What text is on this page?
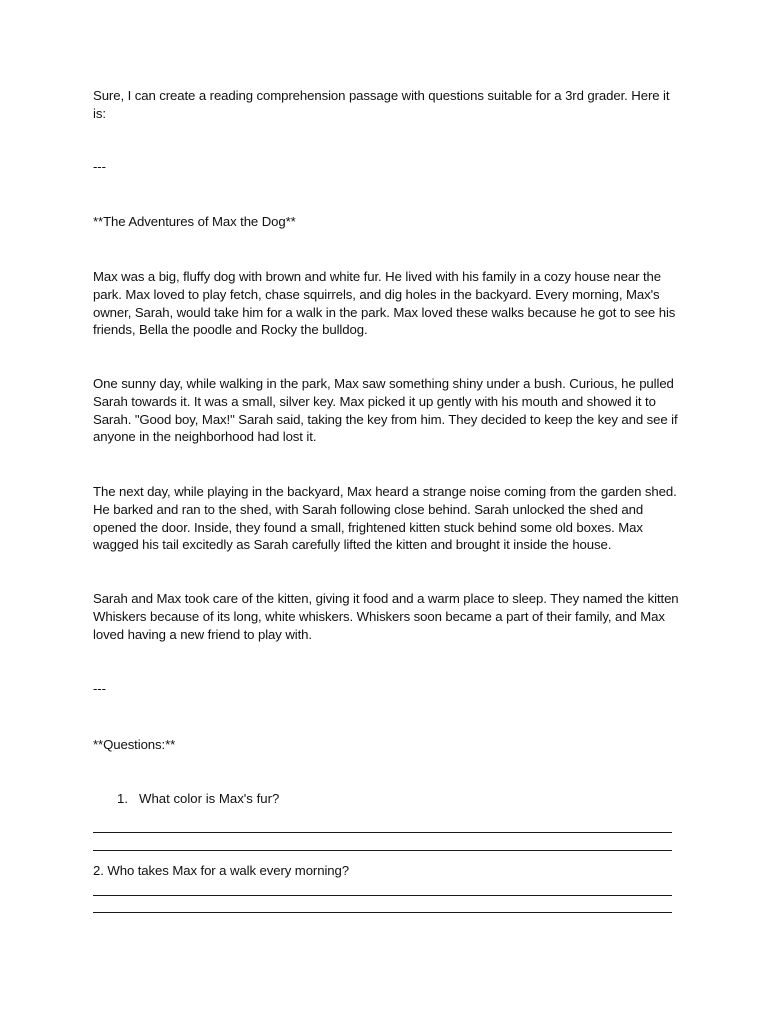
Sure, I can create a reading comprehension passage with questions suitable for a 3rd grader. Here it is:

---

**The Adventures of Max the Dog**

Max was a big, fluffy dog with brown and white fur. He lived with his family in a cozy house near the park. Max loved to play fetch, chase squirrels, and dig holes in the backyard. Every morning, Max's owner, Sarah, would take him for a walk in the park. Max loved these walks because he got to see his friends, Bella the poodle and Rocky the bulldog.

One sunny day, while walking in the park, Max saw something shiny under a bush. Curious, he pulled Sarah towards it. It was a small, silver key. Max picked it up gently with his mouth and showed it to Sarah. "Good boy, Max!" Sarah said, taking the key from him. They decided to keep the key and see if anyone in the neighborhood had lost it.

The next day, while playing in the backyard, Max heard a strange noise coming from the garden shed. He barked and ran to the shed, with Sarah following close behind. Sarah unlocked the shed and opened the door. Inside, they found a small, frightened kitten stuck behind some old boxes. Max wagged his tail excitedly as Sarah carefully lifted the kitten and brought it inside the house.

Sarah and Max took care of the kitten, giving it food and a warm place to sleep. They named the kitten Whiskers because of its long, white whiskers. Whiskers soon became a part of their family, and Max loved having a new friend to play with.

---

**Questions:**

1. What color is Max's fur?

2. Who takes Max for a walk every morning?
